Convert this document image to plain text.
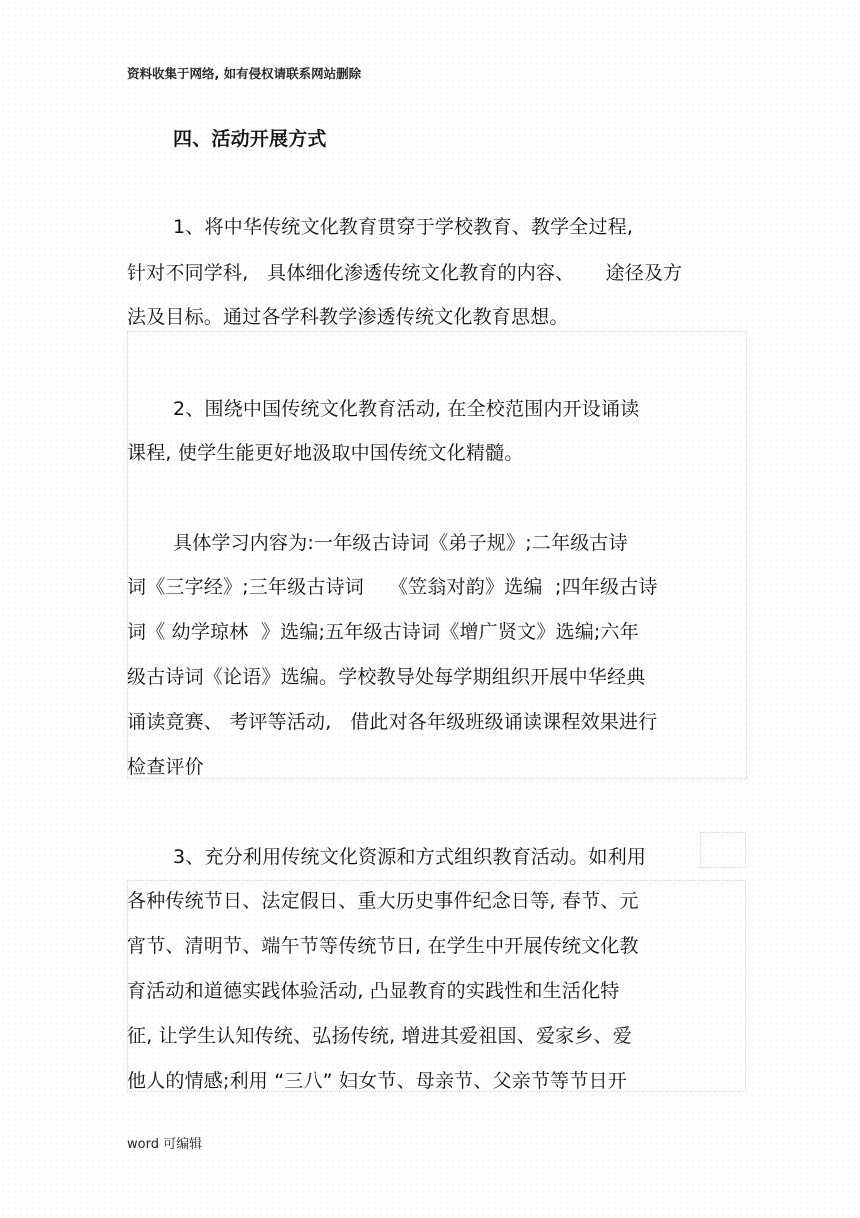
资料收集于网络, 如有侵权请联系网站删除
四、活动开展方式
1、将中华传统文化教育贯穿于学校教育、教学全过程,
针对不同学科,   具体细化渗透传统文化教育的内容、     途径及方
法及目标。通过各学科教学渗透传统文化教育思想。
2、围绕中国传统文化教育活动, 在全校范围内开设诵读
课程, 使学生能更好地汲取中国传统文化精髓。
具体学习内容为:一年级古诗词《弟子规》;二年级古诗
词《三字经》;三年级古诗词    《笠翁对韵》选编  ;四年级古诗
词《 幼学琼林  》选编;五年级古诗词《增广贤文》选编;六年
级古诗词《论语》选编。学校教导处每学期组织开展中华经典
诵读竟赛、 考评等活动,   借此对各年级班级诵读课程效果进行
检查评价
3、充分利用传统文化资源和方式组织教育活动。如利用
各种传统节日、法定假日、重大历史事件纪念日等, 春节、元
宵节、清明节、端午节等传统节日, 在学生中开展传统文化教
育活动和道德实践体验活动, 凸显教育的实践性和生活化特
征, 让学生认知传统、弘扬传统, 增进其爱祖国、爱家乡、爱
他人的情感;利用 “三八” 妇女节、母亲节、父亲节等节日开
word 可编辑
